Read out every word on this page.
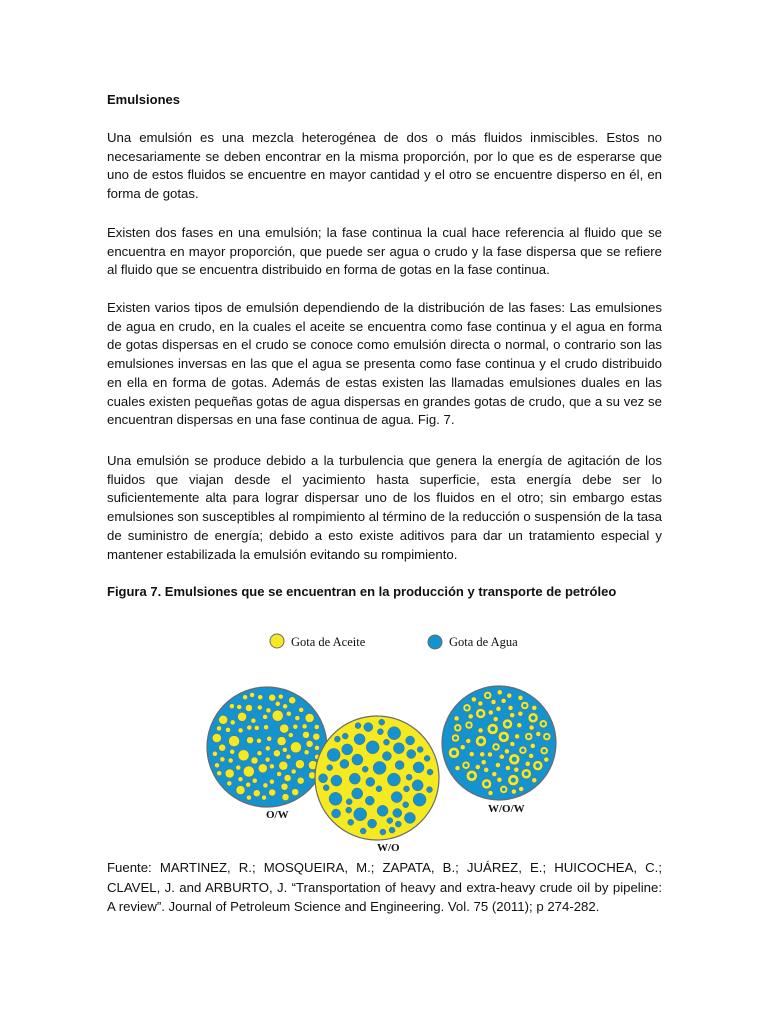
Emulsiones

Una emulsión es una mezcla heterogénea de dos o más fluidos inmiscibles. Estos no necesariamente se deben encontrar en la misma proporción, por lo que es de esperarse que uno de estos fluidos se encuentre en mayor cantidad y el otro se encuentre disperso en él, en forma de gotas.

Existen dos fases en una emulsión; la fase continua la cual hace referencia al fluido que se encuentra en mayor proporción, que puede ser agua o crudo y la fase dispersa que se refiere al fluido que se encuentra distribuido en forma de gotas en la fase continua.

Existen varios tipos de emulsión dependiendo de la distribución de las fases: Las emulsiones de agua en crudo, en la cuales el aceite se encuentra como fase continua y el agua en forma de gotas dispersas en el crudo se conoce como emulsión directa o normal, o contrario son las emulsiones inversas en las que el agua se presenta como fase continua y el crudo distribuido en ella en forma de gotas. Además de estas existen las llamadas emulsiones duales en las cuales existen pequeñas gotas de agua dispersas en grandes gotas de crudo, que a su vez se encuentran dispersas en una fase continua de agua. Fig. 7.

Una emulsión se produce debido a la turbulencia que genera la energía de agitación de los fluidos que viajan desde el yacimiento hasta superficie, esta energía debe ser lo suficientemente alta para lograr dispersar uno de los fluidos en el otro; sin embargo estas emulsiones son susceptibles al rompimiento al término de la reducción o suspensión de la tasa de suministro de energía; debido a esto existe aditivos para dar un tratamiento especial y mantener estabilizada la emulsión evitando su rompimiento.

Figura 7. Emulsiones que se encuentran en la producción y transporte de petróleo

Gota de Aceite	Gota de Agua
O/W
W/O
W/O/W

Fuente: MARTINEZ, R.; MOSQUEIRA, M.; ZAPATA, B.; JUÁREZ, E.; HUICOCHEA, C.; CLAVEL, J. and ARBURTO, J. “Transportation of heavy and extra-heavy crude oil by pipeline: A review”. Journal of Petroleum Science and Engineering. Vol. 75 (2011); p 274-282.
